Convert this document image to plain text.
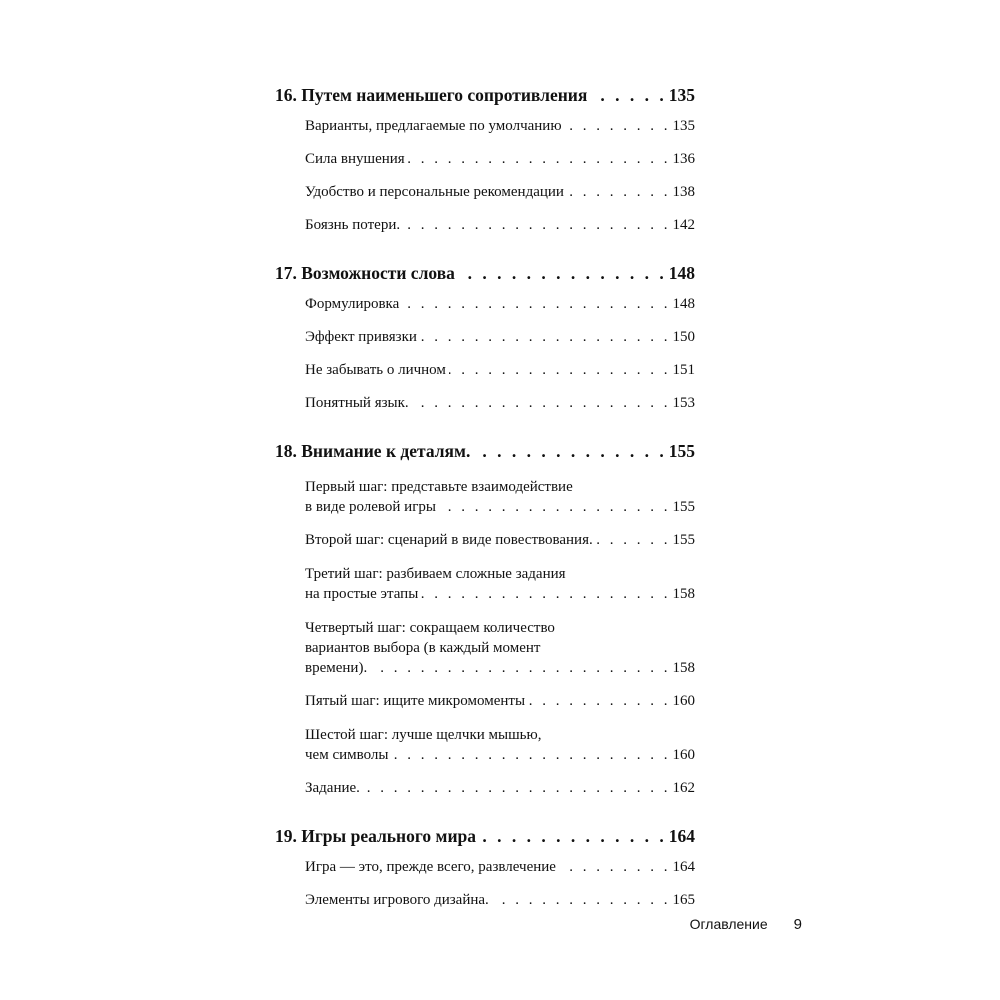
16. Путем наименьшего сопротивления . . .	135
Варианты, предлагаемые по умолчанию . . .	135
Сила внушения . . .	136
Удобство и персональные рекомендации . . .	138
Боязнь потери. . . .	142
17. Возможности слова . . .	148
Формулировка . . .	148
Эффект привязки . . .	150
Не забывать о личном . . .	151
Понятный язык. . . .	153
18. Внимание к деталям. . . .	155
Первый шаг: представьте взаимодействие
в виде ролевой игры . . .	155
Второй шаг: сценарий в виде повествования. . . .	155
Третий шаг: разбиваем сложные задания
на простые этапы . . .	158
Четвертый шаг: сокращаем количество
вариантов выбора (в каждый момент
времени). . . .	158
Пятый шаг: ищите микромоменты . . .	160
Шестой шаг: лучше щелчки мышью,
чем символы . . .	160
Задание. . . .	162
19. Игры реального мира . . .	164
Игра — это, прежде всего, развлечение . . .	164
Элементы игрового дизайна. . . .	165
Оглавление 9
